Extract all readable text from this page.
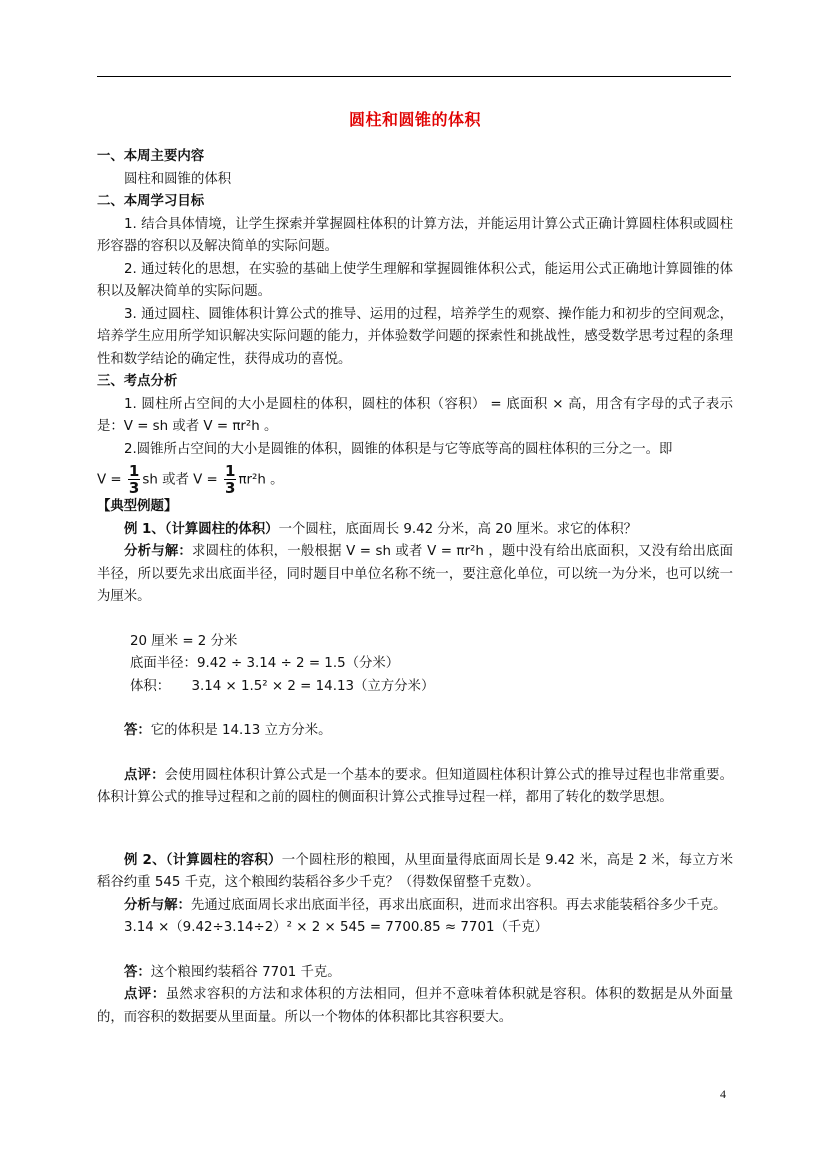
圆柱和圆锥的体积

一、本周主要内容

圆柱和圆锥的体积

二、本周学习目标

1. 结合具体情境，让学生探索并掌握圆柱体积的计算方法，并能运用计算公式正确计算圆柱体积或圆柱形容器的容积以及解决简单的实际问题。

2. 通过转化的思想，在实验的基础上使学生理解和掌握圆锥体积公式，能运用公式正确地计算圆锥的体积以及解决简单的实际问题。

3. 通过圆柱、圆锥体积计算公式的推导、运用的过程，培养学生的观察、操作能力和初步的空间观念，培养学生应用所学知识解决实际问题的能力，并体验数学问题的探索性和挑战性，感受数学思考过程的条理性和数学结论的确定性，获得成功的喜悦。

三、考点分析

1. 圆柱所占空间的大小是圆柱的体积，圆柱的体积（容积） = 底面积 × 高，用含有字母的式子表示是：V = sh 或者 V = πr²h 。

2.圆锥所占空间的大小是圆锥的体积，圆锥的体积是与它等底等高的圆柱体积的三分之一。即

$V = \frac{1}{3}$ sh 或者 $V = \frac{1}{3} \pi r^2h$ 。

【典型例题】

例 1、（计算圆柱的体积）一个圆柱，底面周长 9.42 分米，高 20 厘米。求它的体积？

分析与解：求圆柱的体积，一般根据 V = sh 或者 V = πr²h ，题中没有给出底面积，又没有给出底面半径，所以要先求出底面半径，同时题目中单位名称不统一，要注意化单位，可以统一为分米，也可以统一为厘米。

20 厘米 = 2 分米

底面半径：9.42 ÷ 3.14 ÷ 2 = 1.5（分米）

体积：     3.14 × 1.5² × 2 = 14.13（立方分米）

答：它的体积是 14.13 立方分米。

点评：会使用圆柱体积计算公式是一个基本的要求。但知道圆柱体积计算公式的推导过程也非常重要。体积计算公式的推导过程和之前的圆柱的侧面积计算公式推导过程一样，都用了转化的数学思想。

例 2、（计算圆柱的容积）一个圆柱形的粮囤，从里面量得底面周长是 9.42 米，高是 2 米，每立方米稻谷约重 545 千克，这个粮囤约装稻谷多少千克？（得数保留整千克数）。

分析与解：先通过底面周长求出底面半径，再求出底面积，进而求出容积。再去求能装稻谷多少千克。

3.14 ×（9.42÷3.14÷2）² × 2 × 545 = 7700.85 ≈ 7701（千克）

答：这个粮囤约装稻谷 7701 千克。

点评：虽然求容积的方法和求体积的方法相同，但并不意味着体积就是容积。体积的数据是从外面量的，而容积的数据要从里面量。所以一个物体的体积都比其容积要大。

4
